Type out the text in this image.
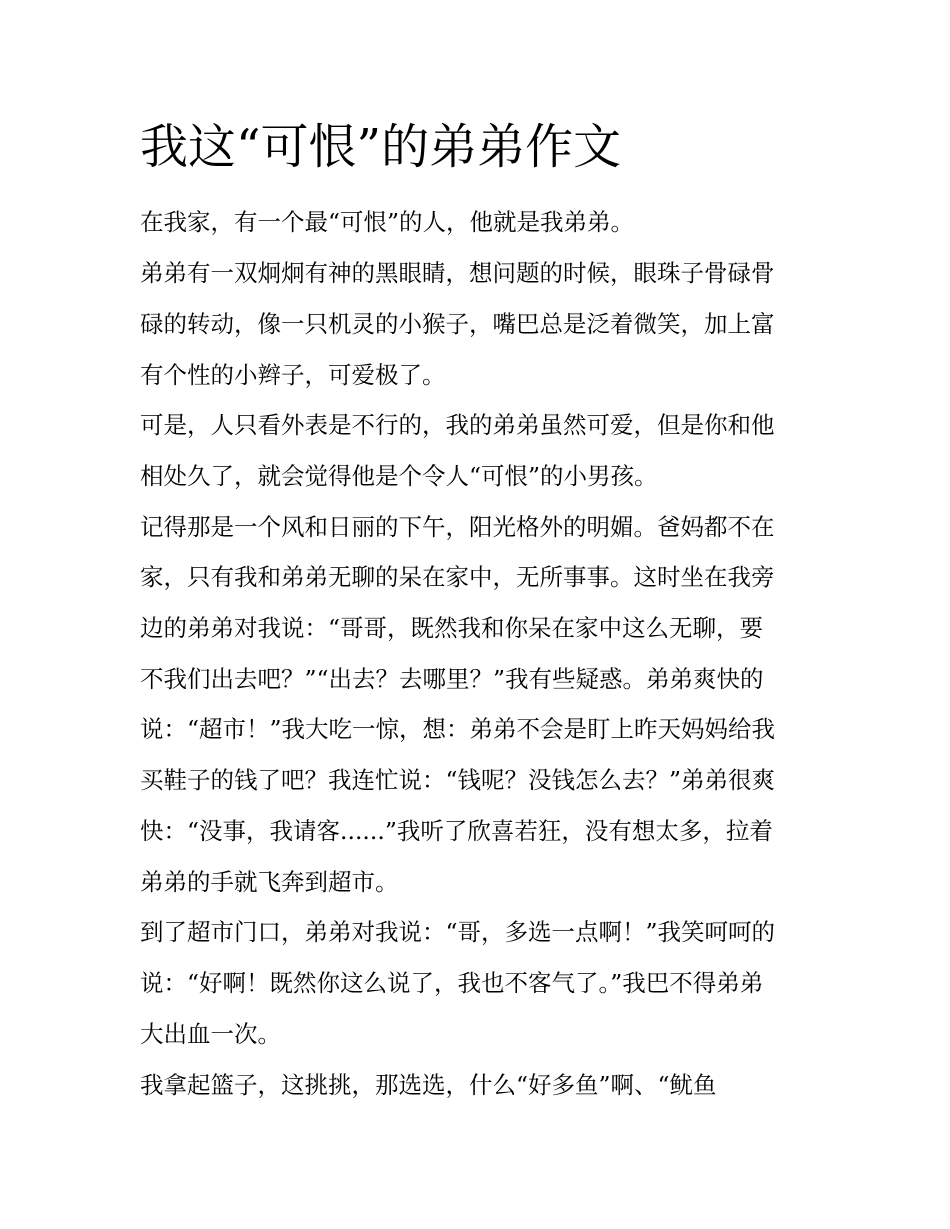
我这“可恨”的弟弟作文

在我家，有一个最“可恨”的人，他就是我弟弟。

弟弟有一双炯炯有神的黑眼睛，想问题的时候，眼珠子骨碌骨

碌的转动，像一只机灵的小猴子，嘴巴总是泛着微笑，加上富

有个性的小辫子，可爱极了。

可是，人只看外表是不行的，我的弟弟虽然可爱，但是你和他

相处久了，就会觉得他是个令人“可恨”的小男孩。

记得那是一个风和日丽的下午，阳光格外的明媚。爸妈都不在

家，只有我和弟弟无聊的呆在家中，无所事事。这时坐在我旁

边的弟弟对我说：“哥哥，既然我和你呆在家中这么无聊，要

不我们出去吧？”“出去？去哪里？”我有些疑惑。弟弟爽快的

说：“超市！”我大吃一惊，想：弟弟不会是盯上昨天妈妈给我

买鞋子的钱了吧？我连忙说：“钱呢？没钱怎么去？”弟弟很爽

快：“没事，我请客......”我听了欣喜若狂，没有想太多，拉着

弟弟的手就飞奔到超市。

到了超市门口，弟弟对我说：“哥，多选一点啊！”我笑呵呵的

说：“好啊！既然你这么说了，我也不客气了。”我巴不得弟弟

大出血一次。

我拿起篮子，这挑挑，那选选，什么“好多鱼”啊、“鱿鱼
